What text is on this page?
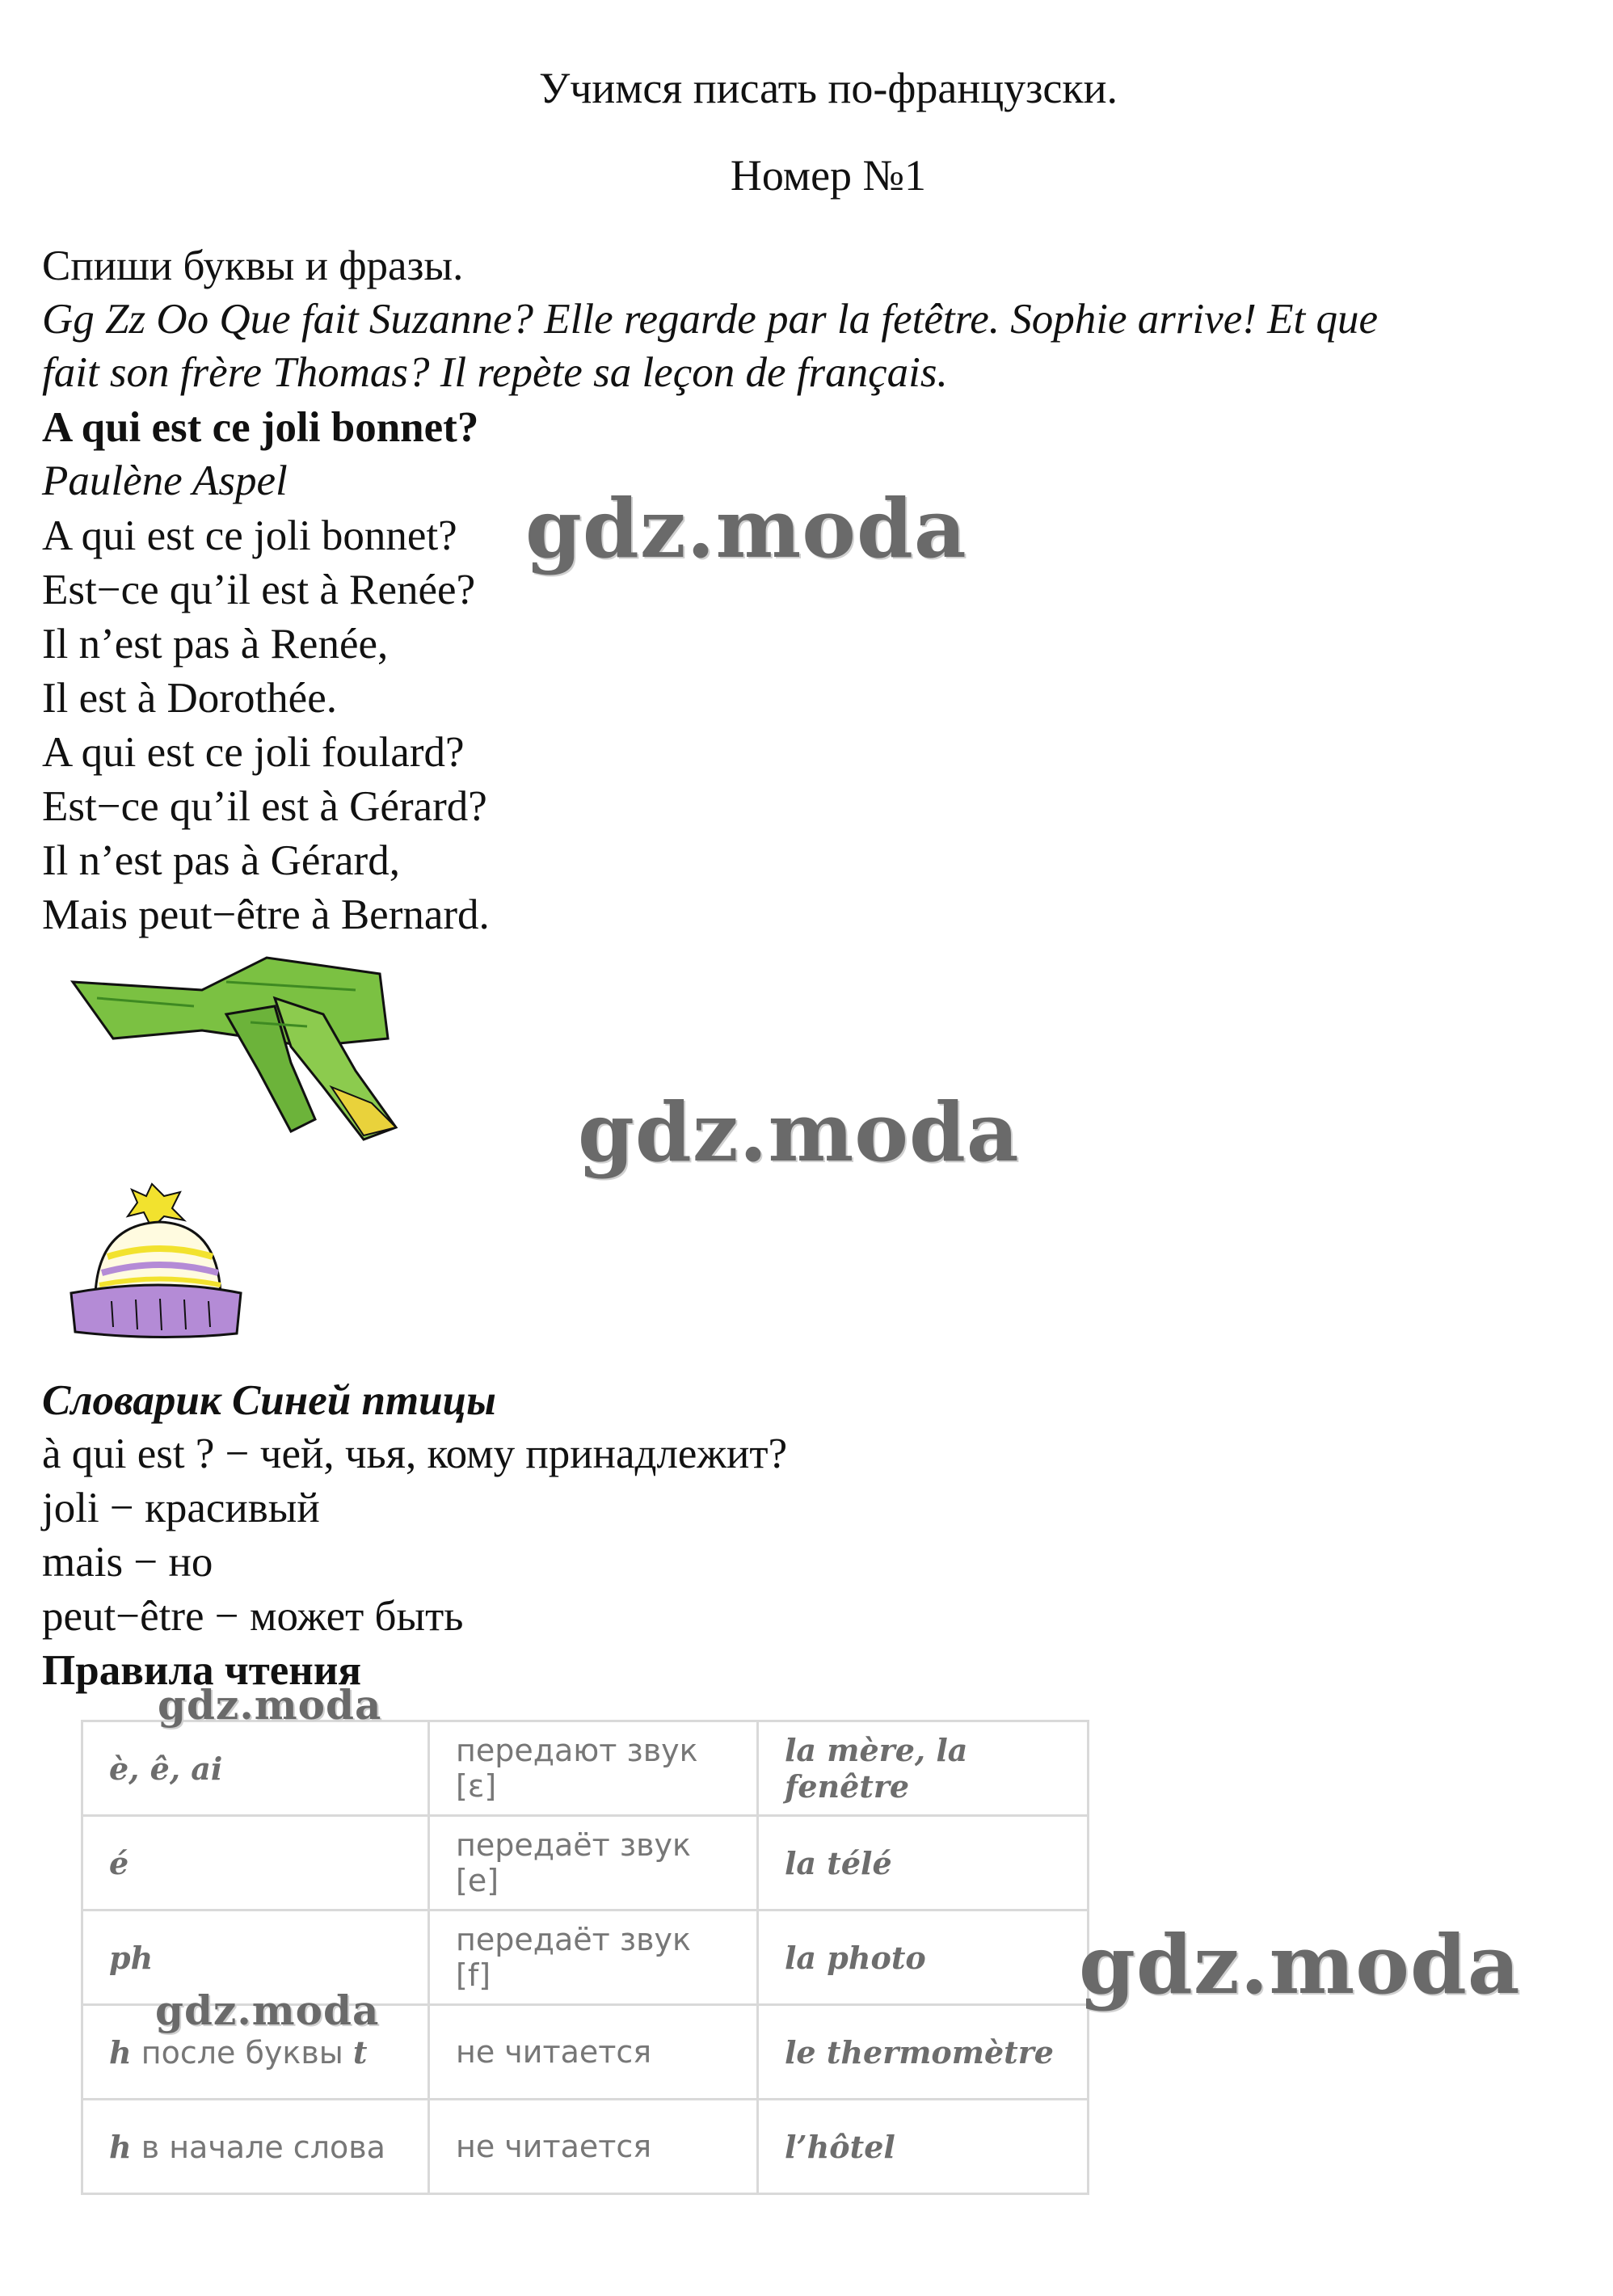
Учимся писать по-французски.
Номер №1
Спиши буквы и фразы.
Gg Zz Oo Que fait Suzanne? Elle regarde par la fetêtre. Sophie arrive! Et que
fait son frère Thomas? Il repète sa leçon de français.
A qui est ce joli bonnet?
Paulène Aspel
A qui est ce joli bonnet?
Est−ce qu’il est à Renée?
Il n’est pas à Renée,
Il est à Dorothée.
A qui est ce joli foulard?
Est−ce qu’il est à Gérard?
Il n’est pas à Gérard,
Mais peut−être à Bernard.
Словарик Синей птицы
à qui est ? − чей, чья, кому принадлежит?
joli − красивый
mais − но
peut−être − может быть
Правила чтения
è, ê, ai	передают звук [ɛ]	la mère, la fenêtre
é	передаёт звук [e]	la télé
ph	передаёт звук [f]	la photo
h после буквы t	не читается	le thermomètre
h в начале слова	не читается	l’hôtel
gdz.moda
gdz.moda
gdz.moda
gdz.moda
gdz.moda
